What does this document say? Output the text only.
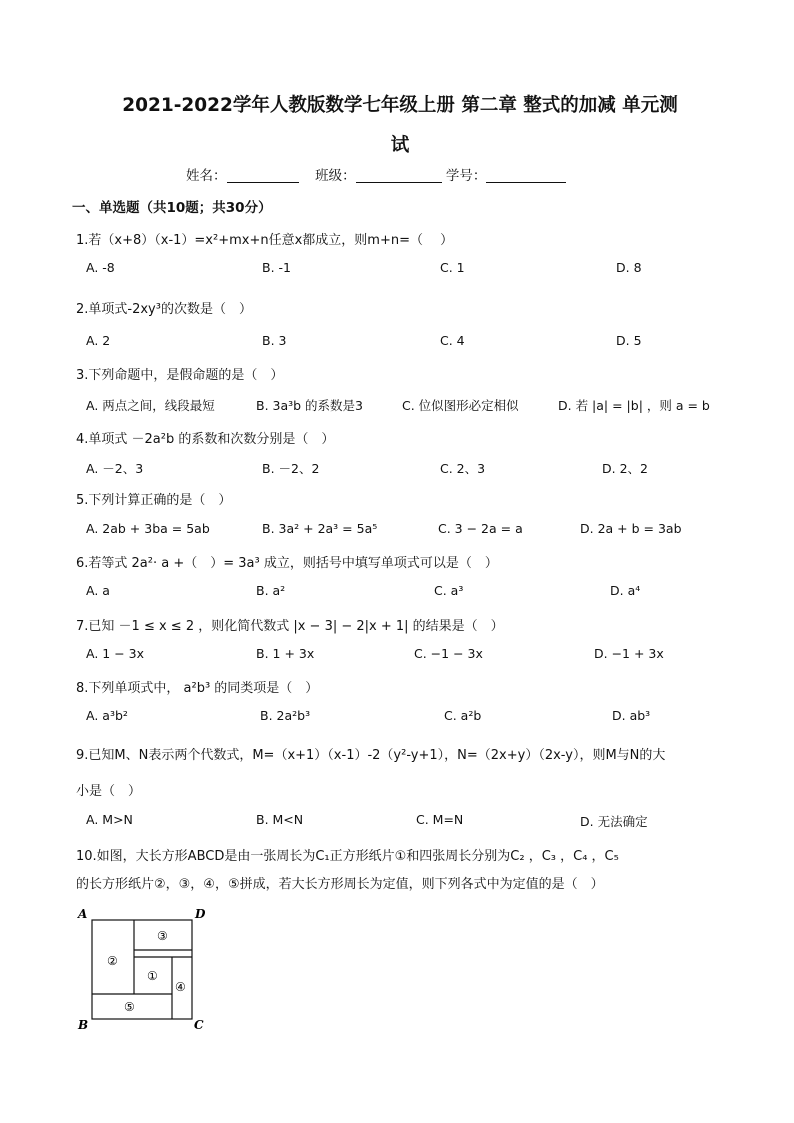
2021-2022学年人教版数学七年级上册 第二章 整式的加减 单元测
试
姓名：	班级：	学号：
一、单选题（共10题；共30分）
1.若（x+8）（x-1）=x²+mx+n任意x都成立，则m+n=（　 ）
A. -8	B. -1	C. 1	D. 8
2.单项式-2xy³的次数是（　）
A. 2	B. 3	C. 4	D. 5
3.下列命题中，是假命题的是（　）
A. 两点之间，线段最短	B. 3a³b 的系数是3	C. 位似图形必定相似	D. 若 |a| = |b| ，则 a = b
4.单项式 －2a²b 的系数和次数分别是（　）
A. －2、3	B. －2、2	C. 2、3	D. 2、2
5.下列计算正确的是（　）
A. 2ab + 3ba = 5ab	B. 3a² + 2a³ = 5a⁵	C. 3 − 2a = a	D. 2a + b = 3ab
6.若等式 2a²· a +（　）= 3a³ 成立，则括号中填写单项式可以是（　）
A. a	B. a²	C. a³	D. a⁴
7.已知 －1 ≤ x ≤ 2 ，则化简代数式 |x − 3| − 2|x + 1| 的结果是（　）
A. 1 − 3x	B. 1 + 3x	C. −1 − 3x	D. −1 + 3x
8.下列单项式中， a²b³ 的同类项是（　）
A. a³b²	B. 2a²b³	C. a²b	D. ab³
9.已知M、N表示两个代数式，M=（x+1）（x-1）-2（y²-y+1），N=（2x+y）（2x-y），则M与N的大
小是（　）
A. M>N	B. M<N	C. M=N	D. 无法确定
10.如图，大长方形ABCD是由一张周长为C₁正方形纸片①和四张周长分别为C₂ ，C₃ ，C₄ ，C₅
的长方形纸片②，③，④，⑤拼成，若大长方形周长为定值，则下列各式中为定值的是（　）
A	D
B	C
②
③
①
④
⑤
